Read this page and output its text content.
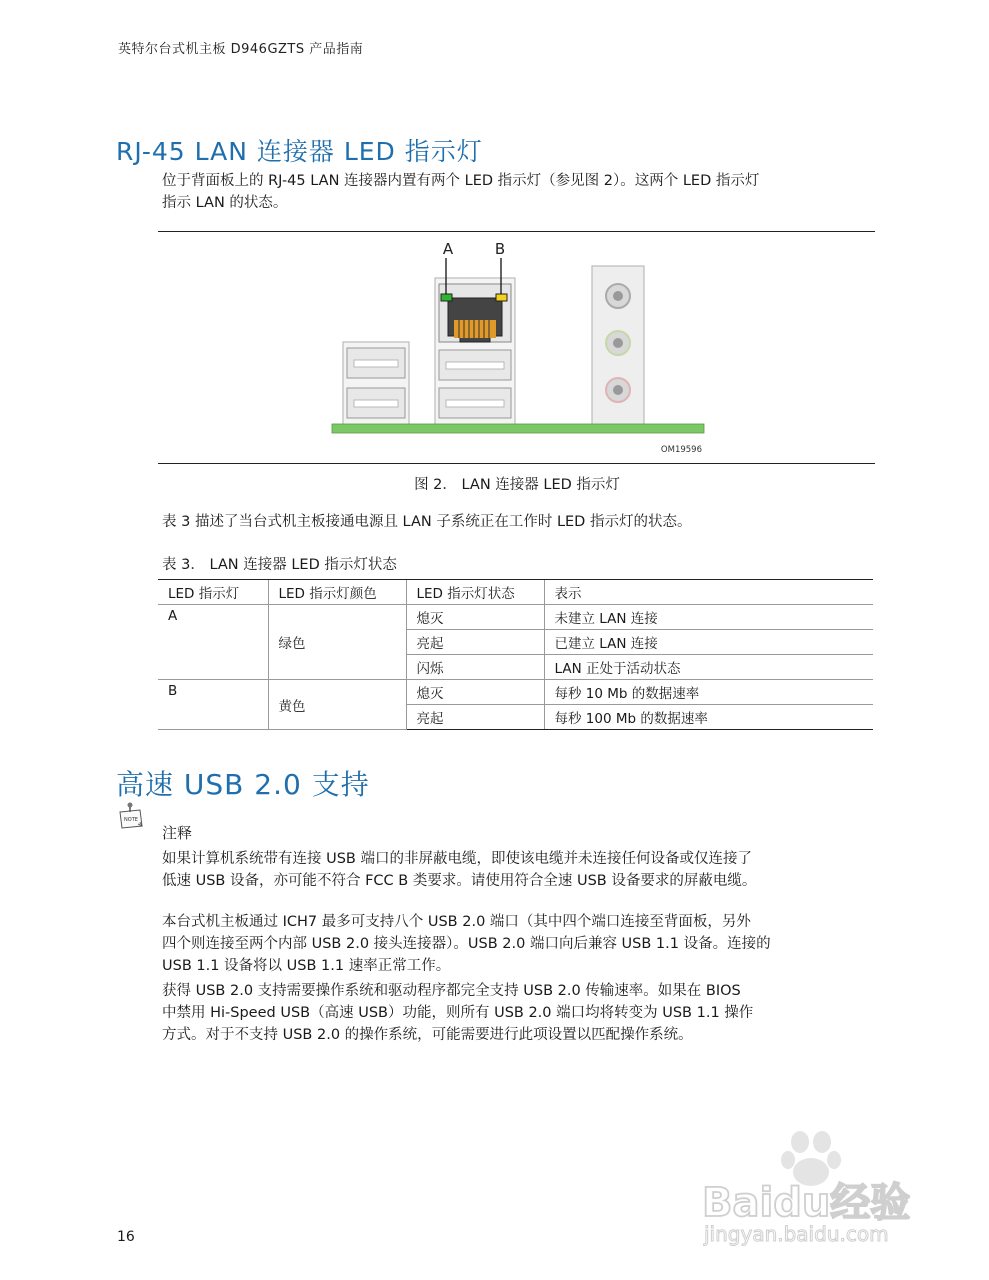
英特尔台式机主板 D946GZTS 产品指南
RJ-45 LAN 连接器 LED 指示灯
位于背面板上的 RJ-45 LAN 连接器内置有两个 LED 指示灯（参见图 2）。这两个 LED 指示灯
指示 LAN 的状态。
A	B
OM19596
图 2． LAN 连接器 LED 指示灯
表 3 描述了当台式机主板接通电源且 LAN 子系统正在工作时 LED 指示灯的状态。
表 3． LAN 连接器 LED 指示灯状态
LED 指示灯	LED 指示灯颜色	LED 指示灯状态	表示
A	绿色	熄灭	未建立 LAN 连接
		亮起	已建立 LAN 连接
		闪烁	LAN 正处于活动状态
B	黄色	熄灭	每秒 10 Mb 的数据速率
		亮起	每秒 100 Mb 的数据速率
高速 USB 2.0 支持
NOTE
注释
如果计算机系统带有连接 USB 端口的非屏蔽电缆，即使该电缆并未连接任何设备或仅连接了
低速 USB 设备，亦可能不符合 FCC B 类要求。请使用符合全速 USB 设备要求的屏蔽电缆。
本台式机主板通过 ICH7 最多可支持八个 USB 2.0 端口（其中四个端口连接至背面板，另外
四个则连接至两个内部 USB 2.0 接头连接器）。USB 2.0 端口向后兼容 USB 1.1 设备。连接的
USB 1.1 设备将以 USB 1.1 速率正常工作。
获得 USB 2.0 支持需要操作系统和驱动程序都完全支持 USB 2.0 传输速率。如果在 BIOS
中禁用 Hi-Speed USB（高速 USB）功能，则所有 USB 2.0 端口均将转变为 USB 1.1 操作
方式。对于不支持 USB 2.0 的操作系统，可能需要进行此项设置以匹配操作系统。
16
Baidu经验
jingyan.baidu.com
